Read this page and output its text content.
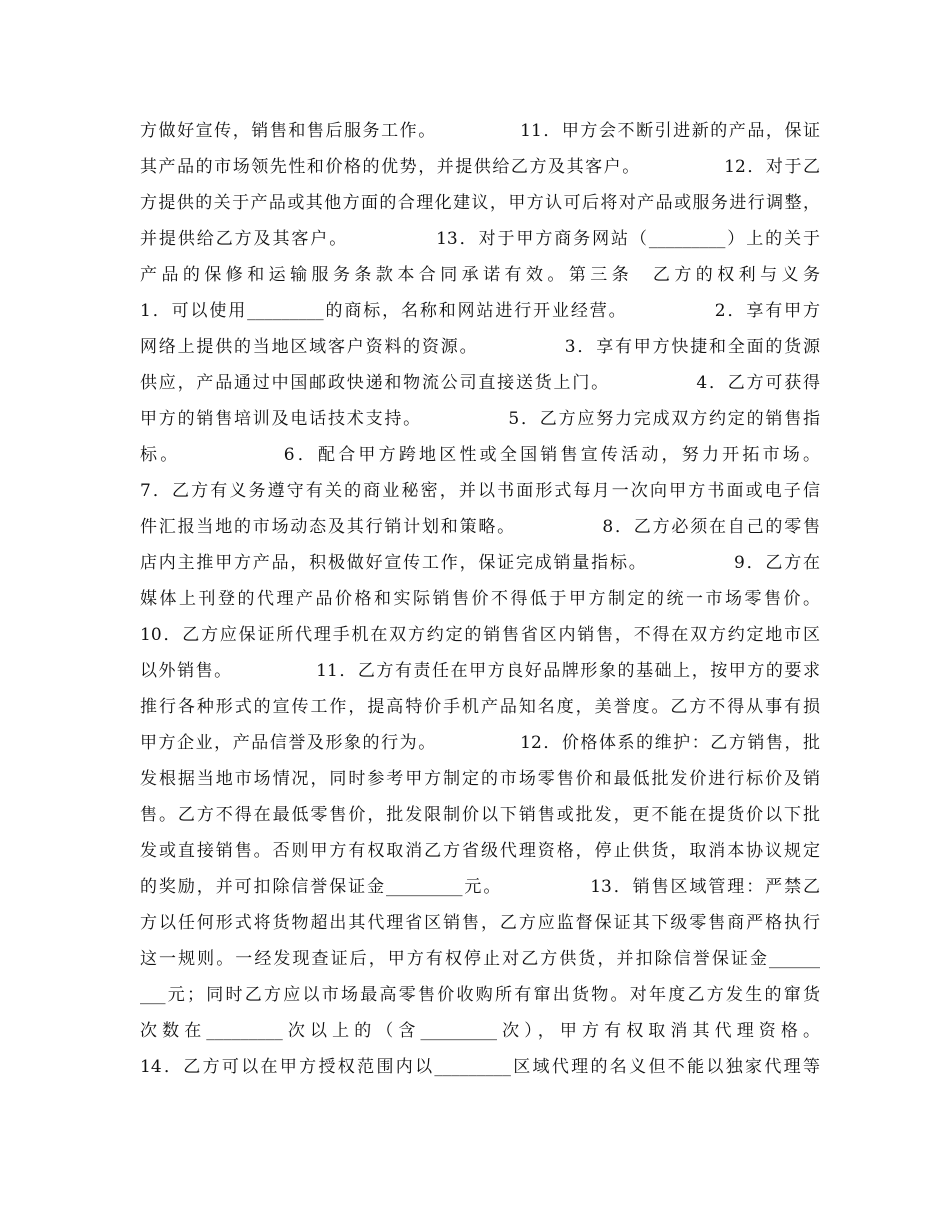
方做好宣传，销售和售后服务工作。            11．甲方会不断引进新的产品，保证
其产品的市场领先性和价格的优势，并提供给乙方及其客户。            12．对于乙
方提供的关于产品或其他方面的合理化建议，甲方认可后将对产品或服务进行调整，
并提供给乙方及其客户。            13．对于甲方商务网站（_________）上的关于
产品的保修和运输服务条款本合同承诺有效。第三条  乙方的权利与义务
1．可以使用_________的商标，名称和网站进行开业经营。            2．享有甲方
网络上提供的当地区域客户资料的资源。            3．享有甲方快捷和全面的货源
供应，产品通过中国邮政快递和物流公司直接送货上门。            4．乙方可获得
甲方的销售培训及电话技术支持。            5．乙方应努力完成双方约定的销售指
标。            6．配合甲方跨地区性或全国销售宣传活动，努力开拓市场。
7．乙方有义务遵守有关的商业秘密，并以书面形式每月一次向甲方书面或电子信
件汇报当地的市场动态及其行销计划和策略。            8．乙方必须在自己的零售
店内主推甲方产品，积极做好宣传工作，保证完成销量指标。            9．乙方在
媒体上刊登的代理产品价格和实际销售价不得低于甲方制定的统一市场零售价。
10．乙方应保证所代理手机在双方约定的销售省区内销售，不得在双方约定地市区
以外销售。            11．乙方有责任在甲方良好品牌形象的基础上，按甲方的要求
推行各种形式的宣传工作，提高特价手机产品知名度，美誉度。乙方不得从事有损
甲方企业，产品信誉及形象的行为。            12．价格体系的维护：乙方销售，批
发根据当地市场情况，同时参考甲方制定的市场零售价和最低批发价进行标价及销
售。乙方不得在最低零售价，批发限制价以下销售或批发，更不能在提货价以下批
发或直接销售。否则甲方有权取消乙方省级代理资格，停止供货，取消本协议规定
的奖励，并可扣除信誉保证金_________元。            13．销售区域管理：严禁乙
方以任何形式将货物超出其代理省区销售，乙方应监督保证其下级零售商严格执行
这一规则。一经发现查证后，甲方有权停止对乙方供货，并扣除信誉保证金______
___元；同时乙方应以市场最高零售价收购所有窜出货物。对年度乙方发生的窜货
次数在_________次以上的（含_________次），甲方有权取消其代理资格。
14．乙方可以在甲方授权范围内以_________区域代理的名义但不能以独家代理等
